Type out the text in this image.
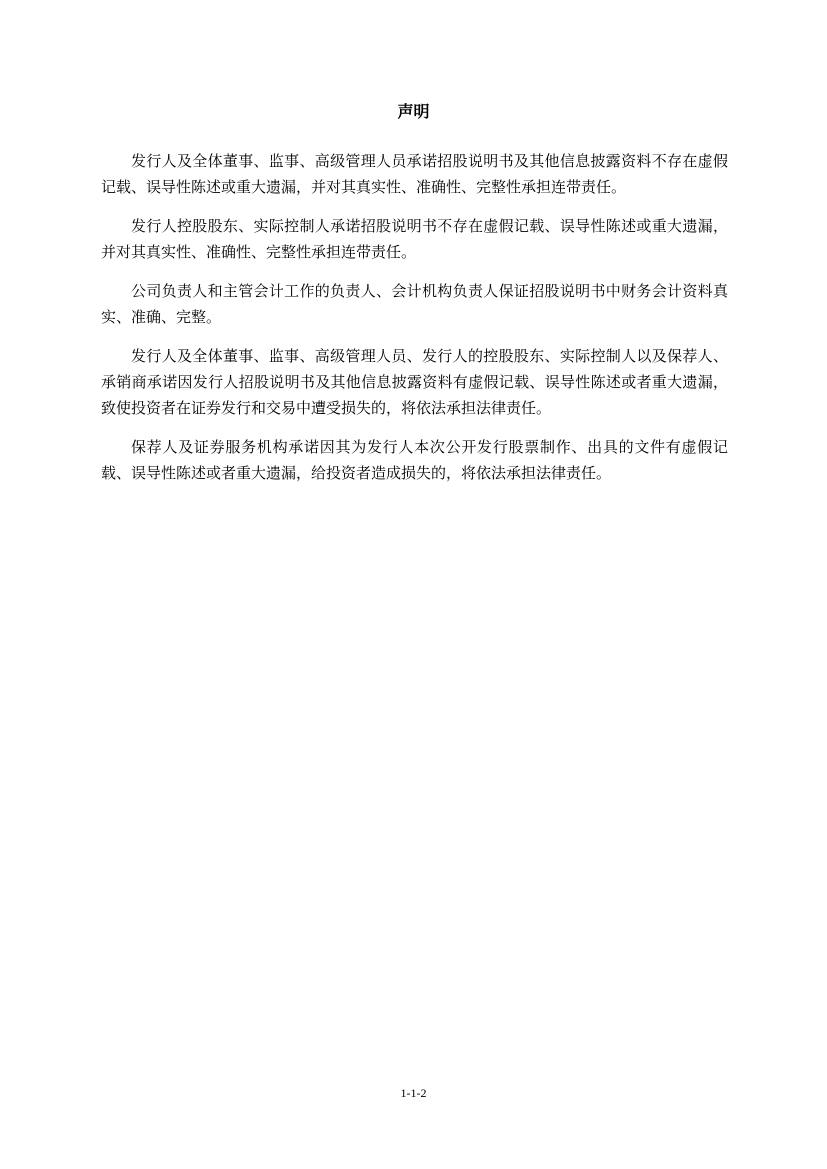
声明

发行人及全体董事、监事、高级管理人员承诺招股说明书及其他信息披露资料不存在虚假记载、误导性陈述或重大遗漏，并对其真实性、准确性、完整性承担连带责任。

发行人控股股东、实际控制人承诺招股说明书不存在虚假记载、误导性陈述或重大遗漏，并对其真实性、准确性、完整性承担连带责任。

公司负责人和主管会计工作的负责人、会计机构负责人保证招股说明书中财务会计资料真实、准确、完整。

发行人及全体董事、监事、高级管理人员、发行人的控股股东、实际控制人以及保荐人、承销商承诺因发行人招股说明书及其他信息披露资料有虚假记载、误导性陈述或者重大遗漏，致使投资者在证券发行和交易中遭受损失的，将依法承担法律责任。

保荐人及证券服务机构承诺因其为发行人本次公开发行股票制作、出具的文件有虚假记载、误导性陈述或者重大遗漏，给投资者造成损失的，将依法承担法律责任。

1-1-2
